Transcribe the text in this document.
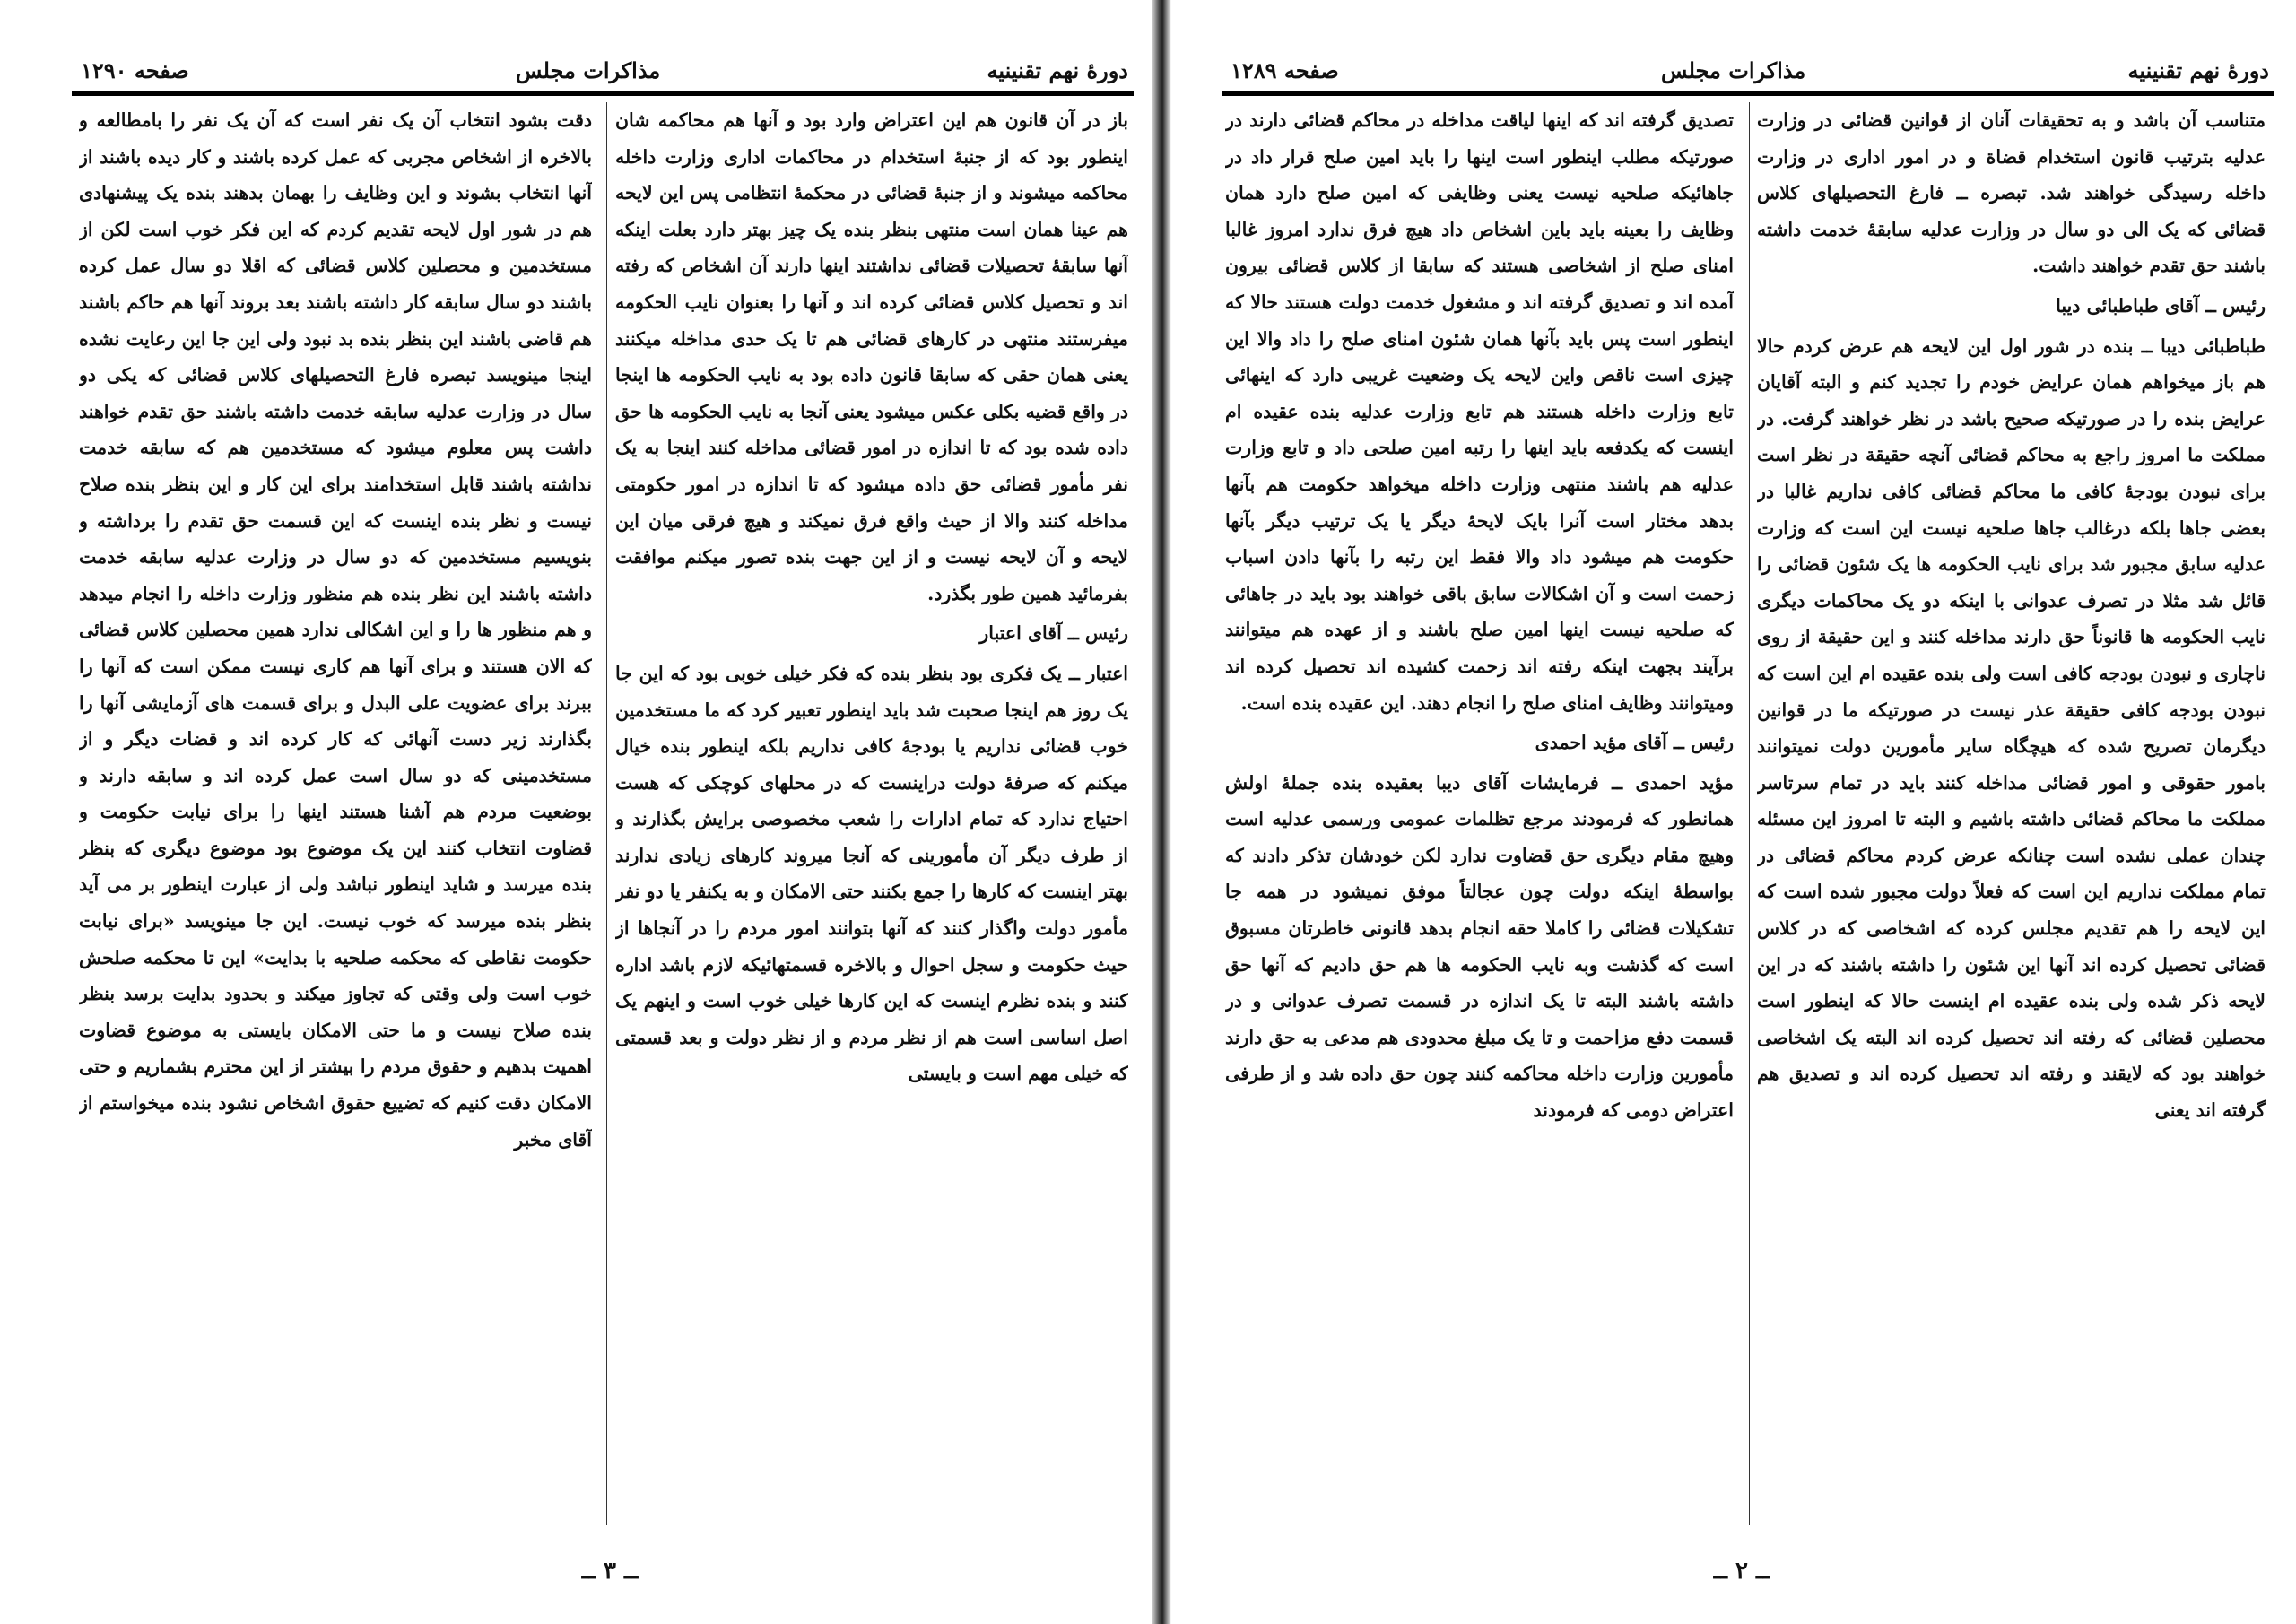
دورهٔ نهم تقنینیه
مذاکرات مجلس
صفحه ۱۲۹۰

باز در آن قانون هم این اعتراض وارد بود و آنها هم محاکمه شان اینطور بود که از جنبهٔ استخدام در محاکمات اداری وزارت داخله محاکمه میشوند و از جنبهٔ قضائی در محکمهٔ انتظامی پس این لایحه هم عینا همان است منتهی بنظر بنده یک چیز بهتر دارد بعلت اینکه آنها سابقهٔ تحصیلات قضائی نداشتند اینها دارند آن اشخاص که رفته اند و تحصیل کلاس قضائی کرده اند و آنها را بعنوان نایب الحکومه میفرستند منتهی در کارهای قضائی هم تا یک حدی مداخله میکنند یعنی همان حقی که سابقا قانون داده بود به نایب الحکومه ها اینجا در واقع قضیه بکلی عکس میشود یعنی آنجا به نایب الحکومه ها حق داده شده بود که تا اندازه در امور قضائی مداخله کنند اینجا به یک نفر مأمور قضائی حق داده میشود که تا اندازه در امور حکومتی مداخله کنند والا از حیث واقع فرق نمیکند و هیچ فرقی میان این لایحه و آن لایحه نیست و از این جهت بنده تصور میکنم موافقت بفرمائید همین طور بگذرد.

رئیس ــ آقای اعتبار

اعتبار ــ یک فکری بود بنظر بنده که فکر خیلی خوبی بود که این جا یک روز هم اینجا صحبت شد باید اینطور تعبیر کرد که ما مستخدمین خوب قضائی نداریم یا بودجهٔ کافی نداریم بلکه اینطور بنده خیال میکنم که صرفهٔ دولت دراینست که در محلهای کوچکی که هست احتیاج ندارد که تمام ادارات را شعب مخصوصی برایش بگذارند و از طرف دیگر آن مأمورینی که آنجا میروند کارهای زیادی ندارند بهتر اینست که کارها را جمع بکنند حتی الامکان و به یکنفر یا دو نفر مأمور دولت واگذار کنند که آنها بتوانند امور مردم را در آنجاها از حیث حکومت و سجل احوال و بالاخره قسمتهائیکه لازم باشد اداره کنند و بنده نظرم اینست که این کارها خیلی خوب است و اینهم یک اصل اساسی است هم از نظر مردم و از نظر دولت و بعد قسمتی که خیلی مهم است و بایستی

دقت بشود انتخاب آن یک نفر است که آن یک نفر را بامطالعه و بالاخره از اشخاص مجربی که عمل کرده باشند و کار دیده باشند از آنها انتخاب بشوند و این وظایف را بهمان بدهند بنده یک پیشنهادی هم در شور اول لایحه تقدیم کردم که این فکر خوب است لکن از مستخدمین و محصلین کلاس قضائی که اقلا دو سال عمل کرده باشند دو سال سابقه کار داشته باشند بعد بروند آنها هم حاکم باشند هم قاضی باشند این بنظر بنده بد نبود ولی این جا این رعایت نشده اینجا مینویسد تبصره فارغ التحصیلهای کلاس قضائی که یکی دو سال در وزارت عدلیه سابقه خدمت داشته باشند حق تقدم خواهند داشت پس معلوم میشود که مستخدمین هم که سابقه خدمت نداشته باشند قابل استخدامند برای این کار و این بنظر بنده صلاح نیست و نظر بنده اینست که این قسمت حق تقدم را برداشته و بنویسیم مستخدمین که دو سال در وزارت عدلیه سابقه خدمت داشته باشند این نظر بنده هم منظور وزارت داخله را انجام میدهد و هم منظور ها را و این اشکالی ندارد همین محصلین کلاس قضائی که الان هستند و برای آنها هم کاری نیست ممکن است که آنها را ببرند برای عضویت علی البدل و برای قسمت های آزمایشی آنها را بگذارند زیر دست آنهائی که کار کرده اند و قضات دیگر و از مستخدمینی که دو سال است عمل کرده اند و سابقه دارند و بوضعیت مردم هم آشنا هستند اینها را برای نیابت حکومت و قضاوت انتخاب کنند این یک موضوع بود موضوع دیگری که بنظر بنده میرسد و شاید اینطور نباشد ولی از عبارت اینطور بر می آید بنظر بنده میرسد که خوب نیست. این جا مینویسد «برای نیابت حکومت نقاطی که محکمه صلحیه با بدایت» این تا محکمه صلحش خوب است ولی وقتی که تجاوز میکند و بحدود بدایت برسد بنظر بنده صلاح نیست و ما حتی الامکان بایستی به موضوع قضاوت اهمیت بدهیم و حقوق مردم را بیشتر از این محترم بشماریم و حتی الامکان دقت کنیم که تضییع حقوق اشخاص نشود بنده میخواستم از آقای مخبر

ــ ۳ ــ
دورهٔ نهم تقنینیه
مذاکرات مجلس
صفحه ۱۲۸۹

متناسب آن باشد و به تحقیقات آنان از قوانین قضائی در وزارت عدلیه بترتیب قانون استخدام قضاة و در امور اداری در وزارت داخله رسیدگی خواهند شد. تبصره ــ فارغ التحصیلهای کلاس قضائی که یک الی دو سال در وزارت عدلیه سابقهٔ خدمت داشته باشند حق تقدم خواهند داشت.

رئیس ــ آقای طباطبائی دیبا

طباطبائی دیبا ــ بنده در شور اول این لایحه هم عرض کردم حالا هم باز میخواهم همان عرایض خودم را تجدید کنم و البته آقایان عرایض بنده را در صورتیکه صحیح باشد در نظر خواهند گرفت. در مملکت ما امروز راجع به محاکم قضائی آنچه حقیقة در نظر است برای نبودن بودجهٔ کافی ما محاکم قضائی کافی نداریم غالبا در بعضی جاها بلکه درغالب جاها صلحیه نیست این است که وزارت عدلیه سابق مجبور شد برای نایب الحکومه ها یک شئون قضائی را قائل شد مثلا در تصرف عدوانی با اینکه دو یک محاکمات دیگری نایب الحکومه ها قانوناً حق دارند مداخله کنند و این حقیقة از روی ناچاری و نبودن بودجه کافی است ولی بنده عقیده ام این است که نبودن بودجه کافی حقیقة عذر نیست در صورتیکه ما در قوانین دیگرمان تصریح شده که هیچگاه سایر مأمورین دولت نمیتوانند بامور حقوقی و امور قضائی مداخله کنند باید در تمام سرتاسر مملکت ما محاکم قضائی داشته باشیم و البته تا امروز این مسئله چندان عملی نشده است چنانکه عرض کردم محاکم قضائی در تمام مملکت نداریم این است که فعلاً دولت مجبور شده است که این لایحه را هم تقدیم مجلس کرده که اشخاصی که در کلاس قضائی تحصیل کرده اند آنها این شئون را داشته باشند که در این لایحه ذکر شده ولی بنده عقیده ام اینست حالا که اینطور است محصلین قضائی که رفته اند تحصیل کرده اند البته یک اشخاصی خواهند بود که لایقند و رفته اند تحصیل کرده اند و تصدیق هم گرفته اند یعنی

تصدیق گرفته اند که اینها لیاقت مداخله در محاکم قضائی دارند در صورتیکه مطلب اینطور است اینها را باید امین صلح قرار داد در جاهائیکه صلحیه نیست یعنی وظایفی که امین صلح دارد همان وظایف را بعینه باید باین اشخاص داد هیچ فرق ندارد امروز غالبا امنای صلح از اشخاصی هستند که سابقا از کلاس قضائی بیرون آمده اند و تصدیق گرفته اند و مشغول خدمت دولت هستند حالا که اینطور است پس باید بآنها همان شئون امنای صلح را داد والا این چیزی است ناقص واین لایحه یک وضعیت غریبی دارد که اینهائی تابع وزارت داخله هستند هم تابع وزارت عدلیه بنده عقیده ام اینست که یکدفعه باید اینها را رتبه امین صلحی داد و تابع وزارت عدلیه هم باشند منتهی وزارت داخله میخواهد حکومت هم بآنها بدهد مختار است آنرا بایک لایحهٔ دیگر یا یک ترتیب دیگر بآنها حکومت هم میشود داد والا فقط این رتبه را بآنها دادن اسباب زحمت است و آن اشکالات سابق باقی خواهند بود باید در جاهائی که صلحیه نیست اینها امین صلح باشند و از عهده هم میتوانند برآیند بجهت اینکه رفته اند زحمت کشیده اند تحصیل کرده اند ومیتوانند وظایف امنای صلح را انجام دهند. این عقیده بنده است.

رئیس ــ آقای مؤید احمدی

مؤید احمدی ــ فرمایشات آقای دیبا بعقیده بنده جملهٔ اولش همانطور که فرمودند مرجع تظلمات عمومی ورسمی عدلیه است وهیچ مقام دیگری حق قضاوت ندارد لکن خودشان تذکر دادند که بواسطهٔ اینکه دولت چون عجالتاً موفق نمیشود در همه جا تشکیلات قضائی را کاملا حقه انجام بدهد قانونی خاطرتان مسبوق است که گذشت وبه نایب الحکومه ها هم حق دادیم که آنها حق داشته باشند البته تا یک اندازه در قسمت تصرف عدوانی و در قسمت دفع مزاحمت و تا یک مبلغ محدودی هم مدعی به حق دارند مأمورین وزارت داخله محاکمه کنند چون حق داده شد و از طرفی اعتراض دومی که فرمودند

ــ ۲ ــ
